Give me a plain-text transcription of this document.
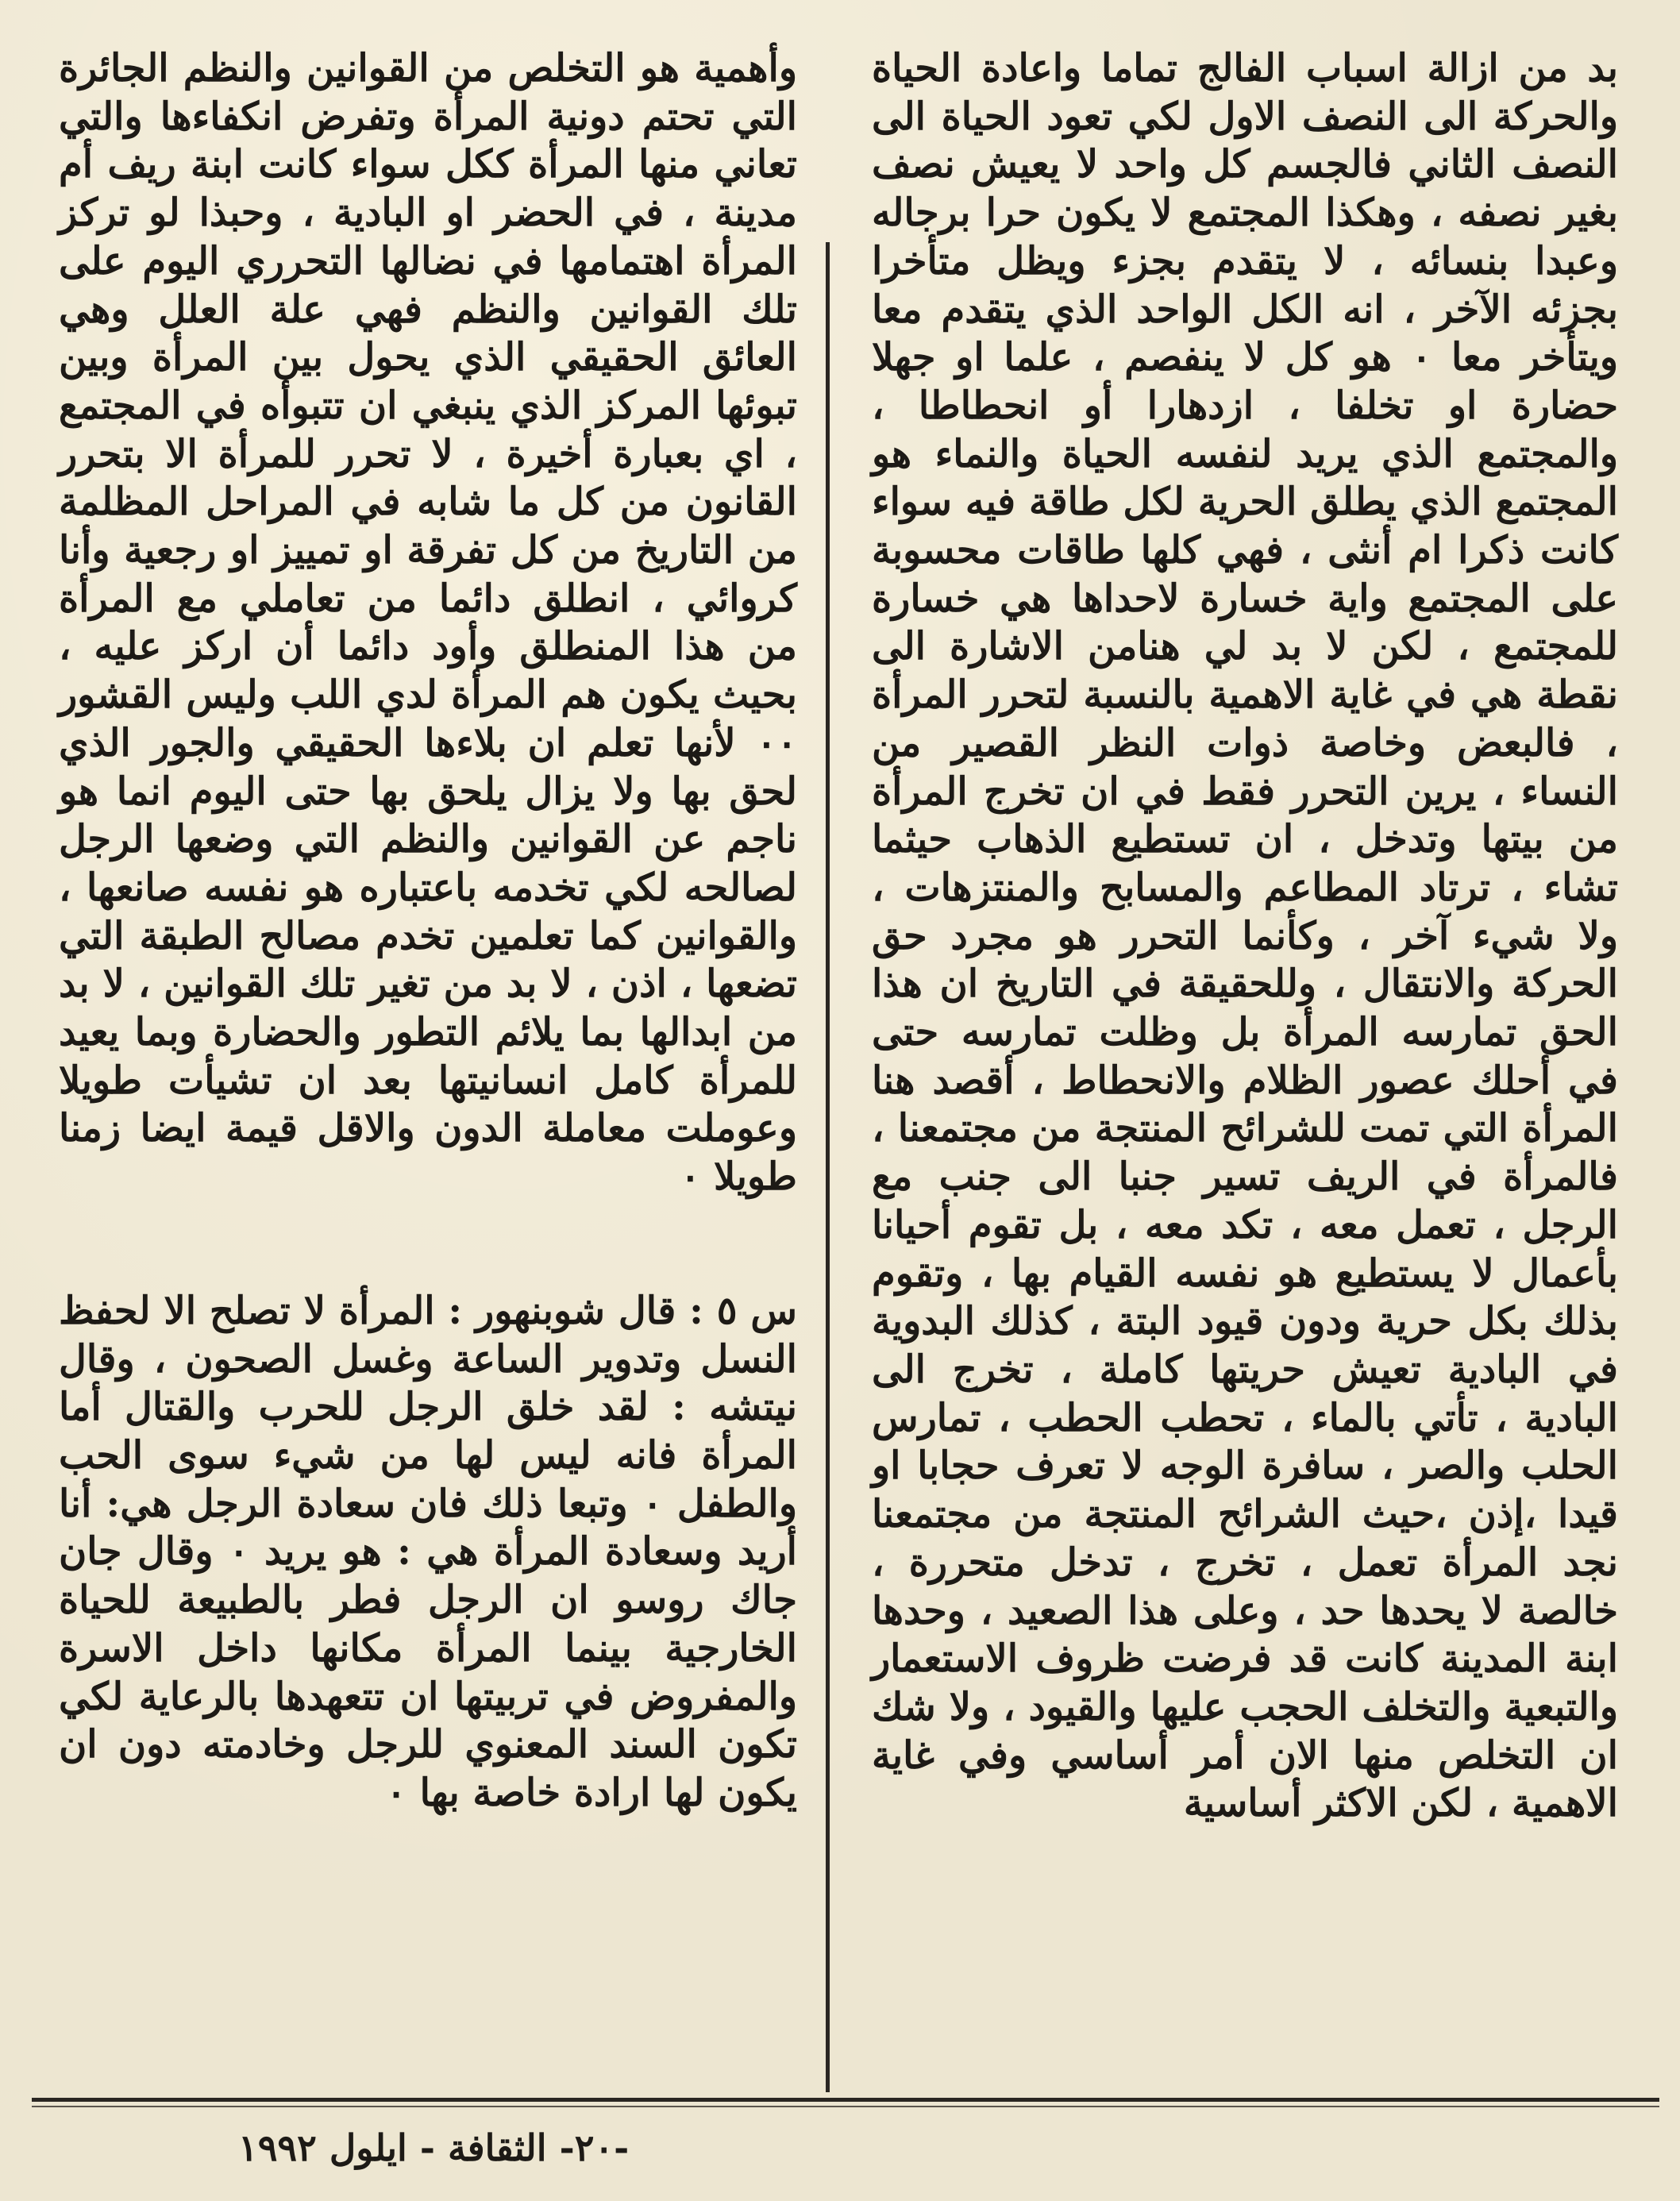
بد من ازالة اسباب الفالج تماما واعادة الحياة والحركة الى النصف الاول لكي تعود الحياة الى النصف الثاني فالجسم كل واحد لا يعيش نصف بغير نصفه ، وهكذا المجتمع لا يكون حرا برجاله وعبدا بنسائه ، لا يتقدم بجزء ويظل متأخرا بجزئه الآخر ، انه الكل الواحد الذي يتقدم معا ويتأخر معا ٠ هو كل لا ينفصم ، علما او جهلا حضارة او تخلفا ، ازدهارا أو انحطاطا ، والمجتمع الذي يريد لنفسه الحياة والنماء هو المجتمع الذي يطلق الحرية لكل طاقة فيه سواء كانت ذكرا ام أنثى ، فهي كلها طاقات محسوبة على المجتمع واية خسارة لاحداها هي خسارة للمجتمع ، لكن لا بد لي هنامن الاشارة الى نقطة هي في غاية الاهمية بالنسبة لتحرر المرأة ، فالبعض وخاصة ذوات النظر القصير من النساء ، يرين التحرر فقط في ان تخرج المرأة من بيتها وتدخل ، ان تستطيع الذهاب حيثما تشاء ، ترتاد المطاعم والمسابح والمنتزهات ، ولا شيء آخر ، وكأنما التحرر هو مجرد حق الحركة والانتقال ، وللحقيقة في التاريخ ان هذا الحق تمارسه المرأة بل وظلت تمارسه حتى في أحلك عصور الظلام والانحطاط ، أقصد هنا المرأة التي تمت للشرائح المنتجة من مجتمعنا ، فالمرأة في الريف تسير جنبا الى جنب مع الرجل ، تعمل معه ، تكد معه ، بل تقوم أحيانا بأعمال لا يستطيع هو نفسه القيام بها ، وتقوم بذلك بكل حرية ودون قيود البتة ، كذلك البدوية في البادية تعيش حريتها كاملة ، تخرج الى البادية ، تأتي بالماء ، تحطب الحطب ، تمارس الحلب والصر ، سافرة الوجه لا تعرف حجابا او قيدا ،إذن ،حيث الشرائح المنتجة من مجتمعنا نجد المرأة تعمل ، تخرج ، تدخل متحررة ، خالصة لا يحدها حد ، وعلى هذا الصعيد ، وحدها ابنة المدينة كانت قد فرضت ظروف الاستعمار والتبعية والتخلف الحجب عليها والقيود ، ولا شك ان التخلص منها الان أمر أساسي وفي غاية الاهمية ، لكن الاكثر أساسية

وأهمية هو التخلص من القوانين والنظم الجائرة التي تحتم دونية المرأة وتفرض انكفاءها والتي تعاني منها المرأة ككل سواء كانت ابنة ريف أم مدينة ، في الحضر او البادية ، وحبذا لو تركز المرأة اهتمامها في نضالها التحرري اليوم على تلك القوانين والنظم فهي علة العلل وهي العائق الحقيقي الذي يحول بين المرأة وبين تبوئها المركز الذي ينبغي ان تتبوأه في المجتمع ، اي بعبارة أخيرة ، لا تحرر للمرأة الا بتحرر القانون من كل ما شابه في المراحل المظلمة من التاريخ من كل تفرقة او تمييز او رجعية وأنا كروائي ، انطلق دائما من تعاملي مع المرأة من هذا المنطلق وأود دائما أن اركز عليه ، بحيث يكون هم المرأة لدي اللب وليس القشور ٠٠ لأنها تعلم ان بلاءها الحقيقي والجور الذي لحق بها ولا يزال يلحق بها حتى اليوم انما هو ناجم عن القوانين والنظم التي وضعها الرجل لصالحه لكي تخدمه باعتباره هو نفسه صانعها ، والقوانين كما تعلمين تخدم مصالح الطبقة التي تضعها ، اذن ، لا بد من تغير تلك القوانين ، لا بد من ابدالها بما يلائم التطور والحضارة وبما يعيد للمرأة كامل انسانيتها بعد ان تشيأت طويلا وعوملت معاملة الدون والاقل قيمة ايضا زمنا طويلا ٠

س ٥ : قال شوبنهور : المرأة لا تصلح الا لحفظ النسل وتدوير الساعة وغسل الصحون ، وقال نيتشه : لقد خلق الرجل للحرب والقتال أما المرأة فانه ليس لها من شيء سوى الحب والطفل ٠ وتبعا ذلك فان سعادة الرجل هي: أنا أريد وسعادة المرأة هي : هو يريد ٠ وقال جان جاك روسو ان الرجل فطر بالطبيعة للحياة الخارجية بينما المرأة مكانها داخل الاسرة والمفروض في تربيتها ان تتعهدها بالرعاية لكي تكون السند المعنوي للرجل وخادمته دون ان يكون لها ارادة خاصة بها ٠

-٢٠- الثقافة - ايلول ١٩٩٢
